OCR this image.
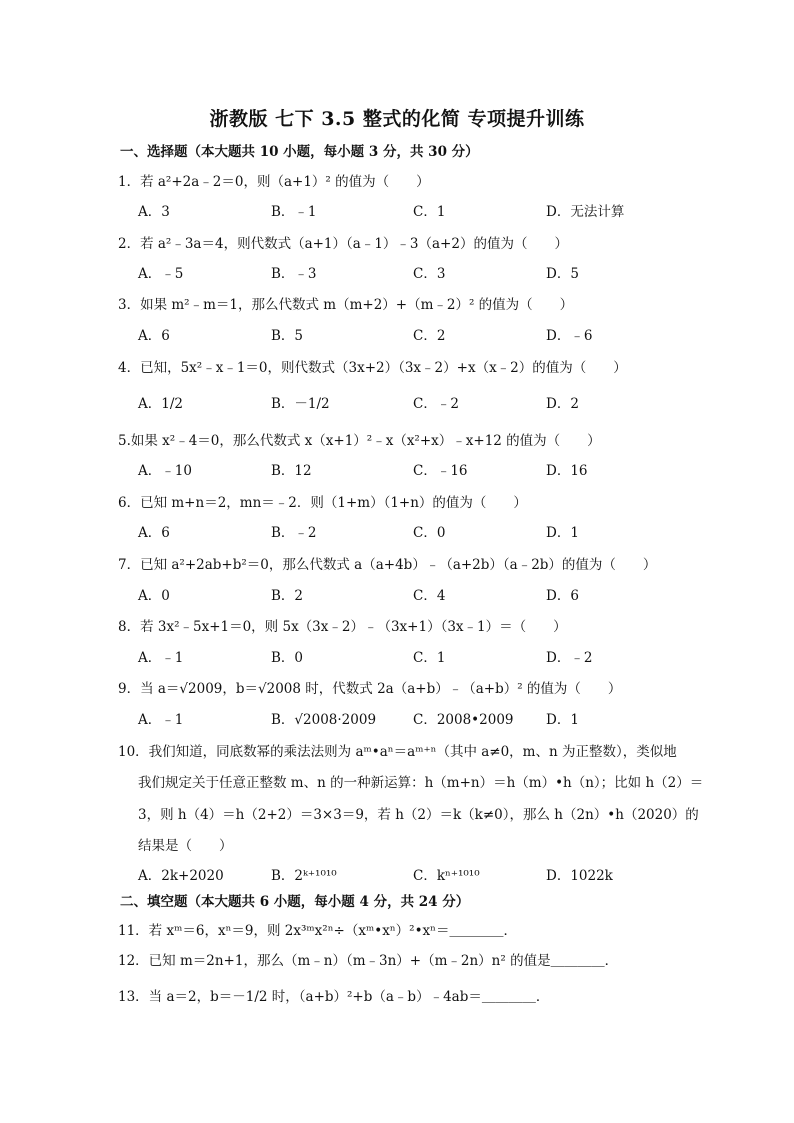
浙教版 七下 3.5 整式的化简 专项提升训练
一、选择题（本大题共 10 小题，每小题 3 分，共 30 分）
1．若 a²+2a﹣2＝0，则（a+1）² 的值为（　　）
A．3	B．﹣1	C．1	D．无法计算
2．若 a²﹣3a＝4，则代数式（a+1）（a﹣1）﹣3（a+2）的值为（　　）
A．﹣5	B．﹣3	C．3	D．5
3．如果 m²﹣m＝1，那么代数式 m（m+2）+（m﹣2）² 的值为（　　）
A．6	B．5	C．2	D．﹣6
4．已知，5x²﹣x﹣1＝0，则代数式（3x+2）（3x﹣2）+x（x﹣2）的值为（　　）
A．1/2	B．－1/2	C．﹣2	D．2
5.如果 x²﹣4＝0，那么代数式 x（x+1）²﹣x（x²+x）﹣x+12 的值为（　　）
A．﹣10	B．12	C．﹣16	D．16
6．已知 m+n＝2，mn＝﹣2．则（1+m）（1+n）的值为（　　）
A．6	B．﹣2	C．0	D．1
7．已知 a²+2ab+b²＝0，那么代数式 a（a+4b）﹣（a+2b）（a﹣2b）的值为（　　）
A．0	B．2	C．4	D．6
8．若 3x²﹣5x+1＝0，则 5x（3x﹣2）﹣（3x+1）（3x﹣1）＝（　　）
A．﹣1	B．0	C．1	D．﹣2
9．当 a＝√2009，b＝√2008 时，代数式 2a（a+b）﹣（a+b）² 的值为（　　）
A．﹣1	B．√2008·2009	C．2008•2009 D．1
10．我们知道，同底数幂的乘法法则为 aᵐ•aⁿ＝aᵐ⁺ⁿ（其中 a≠0，m、n 为正整数），类似地
我们规定关于任意正整数 m、n 的一种新运算：h（m+n）＝h（m）•h（n）；比如 h（2）＝
3，则 h（4）＝h（2+2）＝3×3＝9，若 h（2）＝k（k≠0），那么 h（2n）•h（2020）的
结果是（　　）
A．2k+2020	B．2ᵏ⁺¹⁰¹⁰	C．kⁿ⁺¹⁰¹⁰	D．1022k
二、填空题（本大题共 6 小题，每小题 4 分，共 24 分）
11．若 xᵐ＝6，xⁿ＝9，则 2x³ᵐx²ⁿ÷（xᵐ•xⁿ）²•xⁿ＝＿＿＿＿．
12．已知 m＝2n+1，那么（m﹣n）（m﹣3n）+（m﹣2n）n² 的值是＿＿＿＿．
13．当 a＝2，b＝－1/2 时，（a+b）²+b（a﹣b）﹣4ab＝＿＿＿＿．
